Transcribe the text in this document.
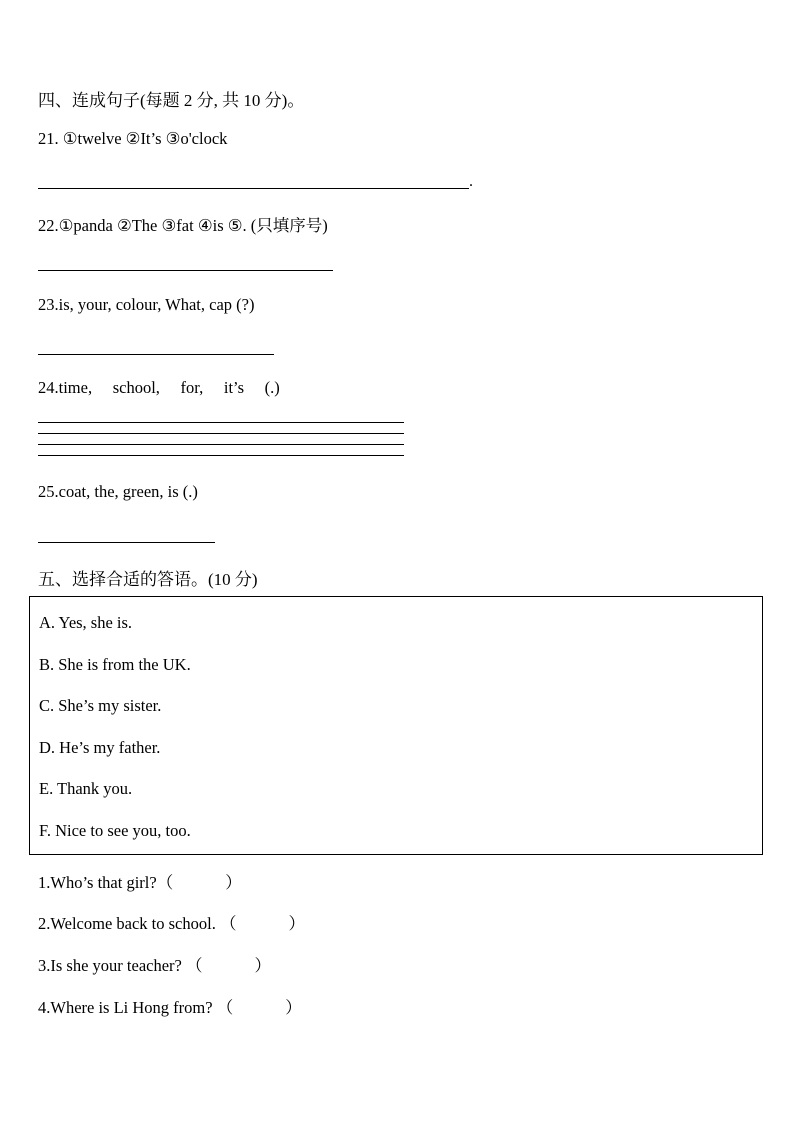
四、连成句子(每题 2 分, 共 10 分)。
21. ①twelve ②It’s ③o'clock
.
22.①panda ②The ③fat ④is ⑤. (只填序号)
23.is, your, colour, What, cap (?)
24.time,     school,     for,     it’s     (.)
25.coat, the, green, is (.)
五、选择合适的答语。(10 分)
A. Yes, she is.
B. She is from the UK.
C. She’s my sister.
D. He’s my father.
E. Thank you.
F. Nice to see you, too.
1.Who’s that girl?（	）
2.Welcome back to school. （	）
3.Is she your teacher? （	）
4.Where is Li Hong from? （	）
